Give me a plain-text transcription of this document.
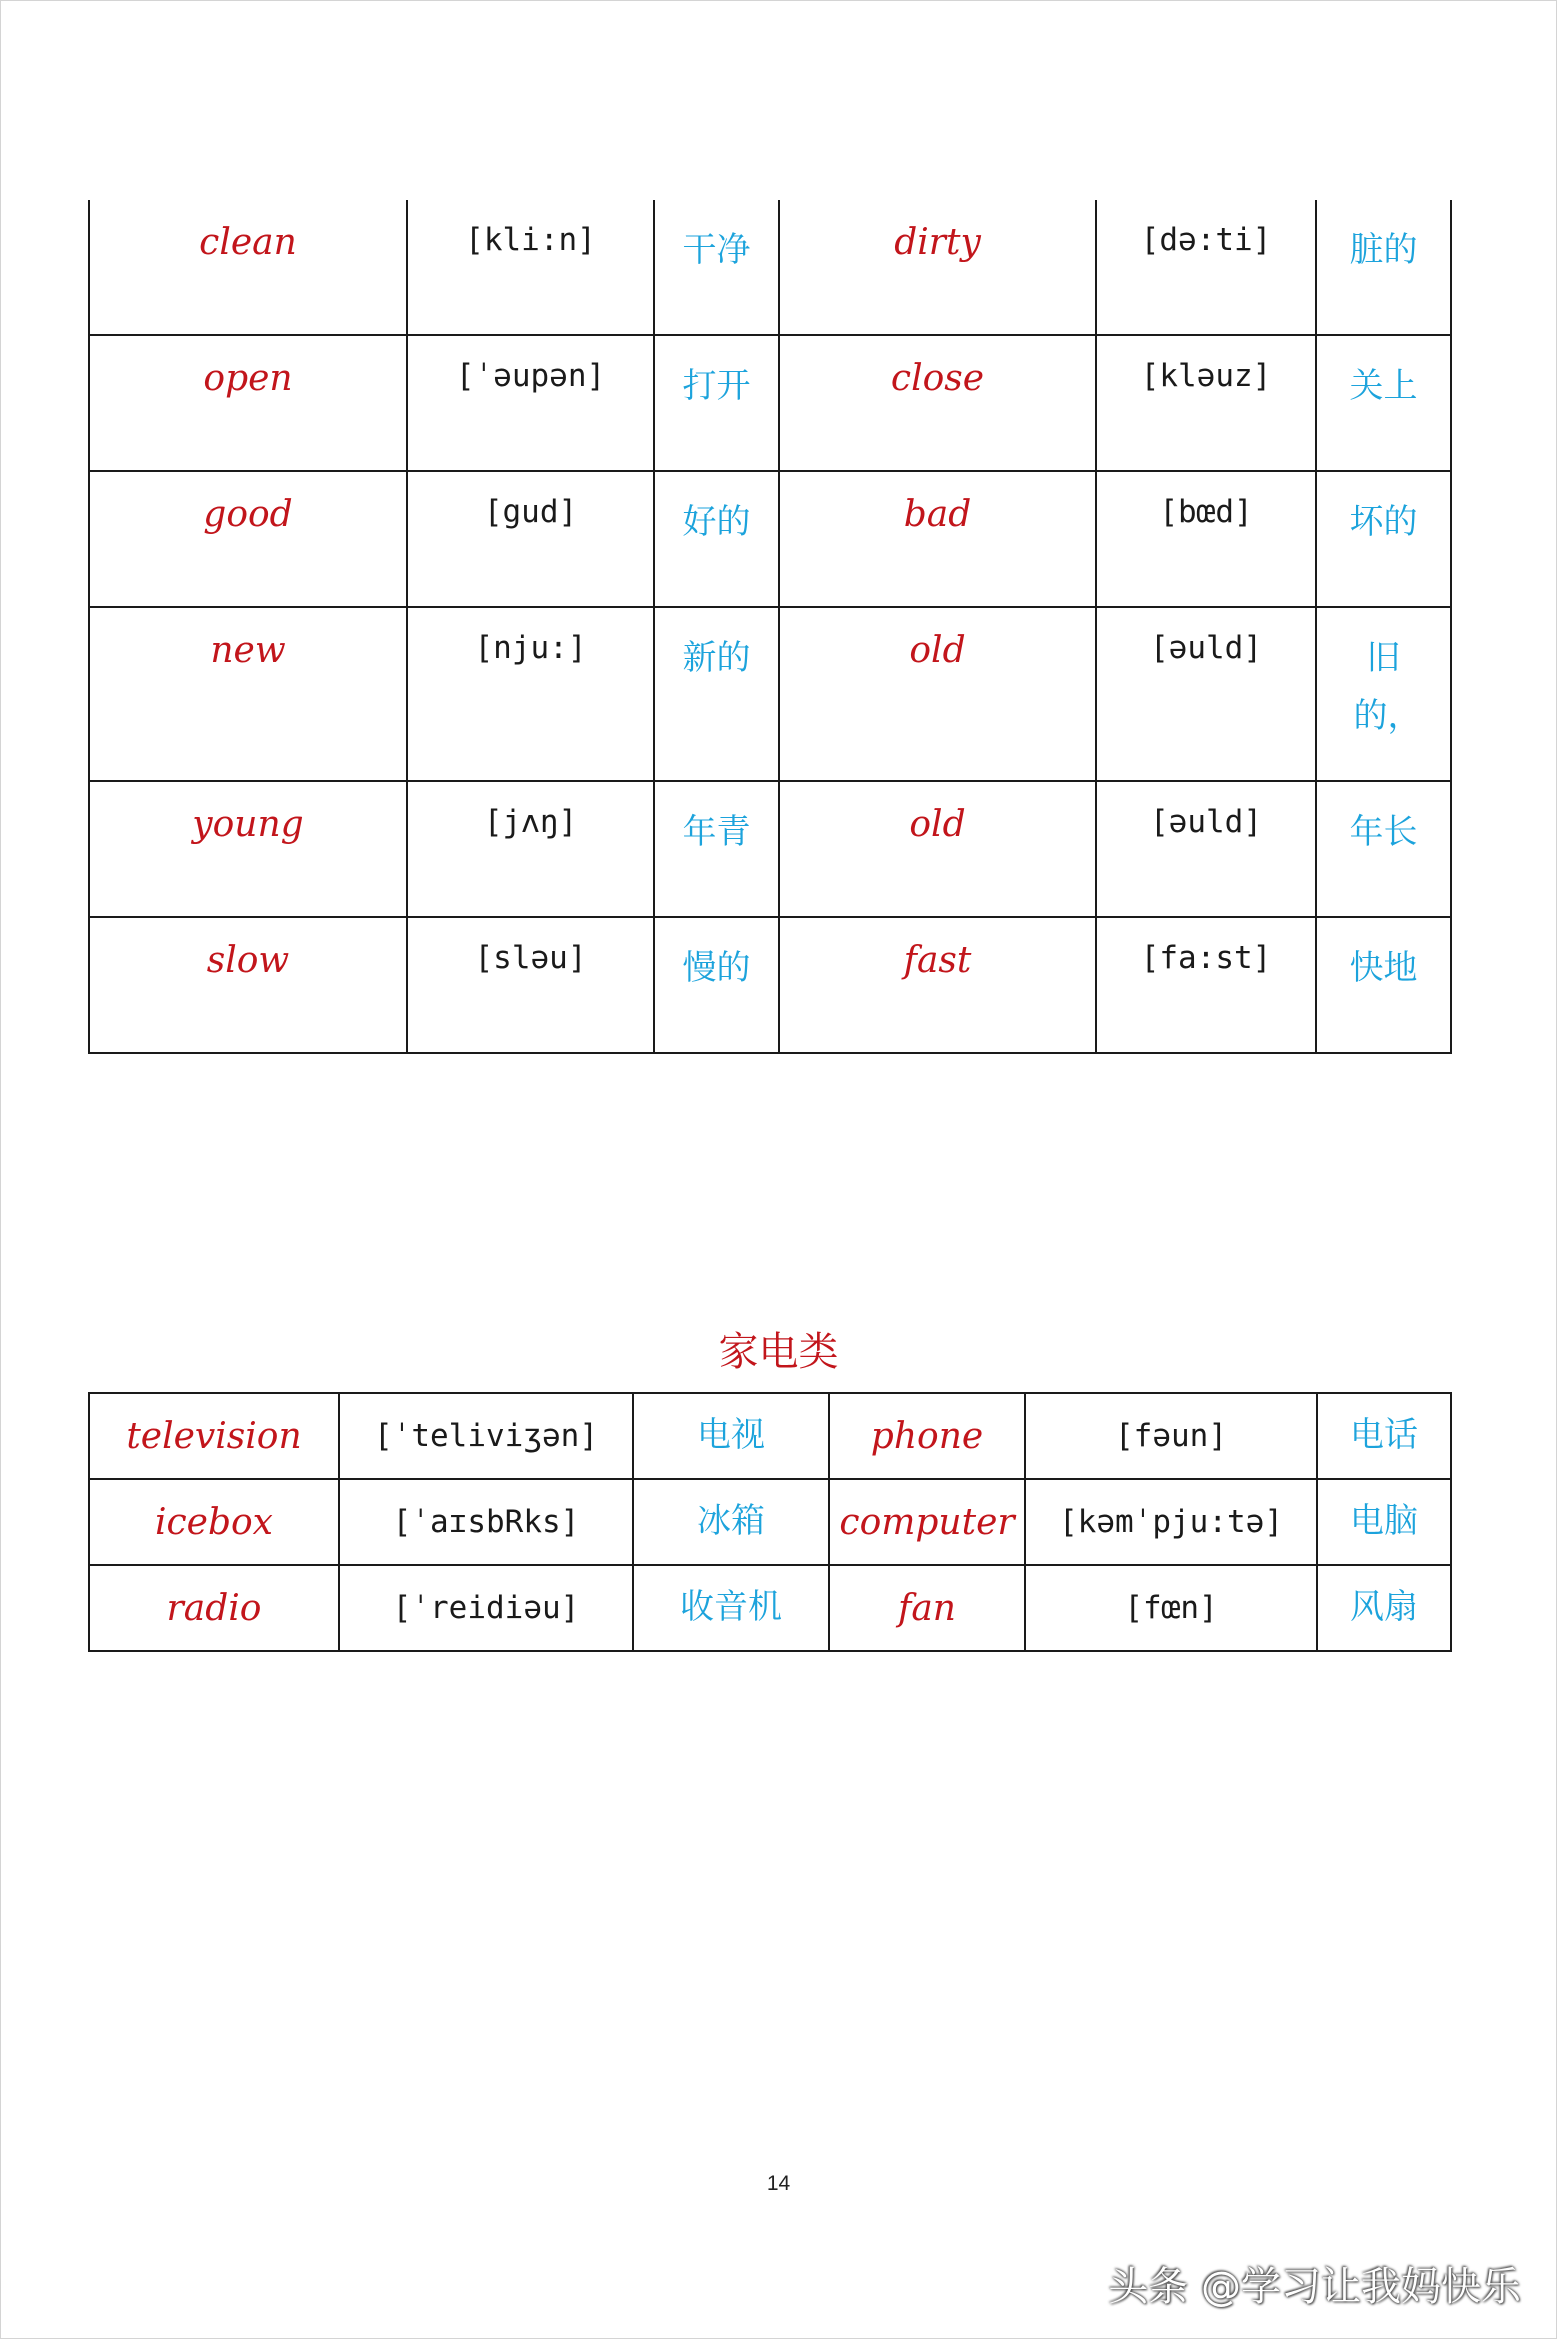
clean	[kli:n]	干净	dirty	[də:ti]	脏的
open	[ˈəupən]	打开	close	[kləuz]	关上
good	[gud]	好的	bad	[bœd]	坏的
new	[nju:]	新的	old	[əuld]	旧的，
young	[jʌŋ]	年青	old	[əuld]	年长
slow	[sləu]	慢的	fast	[fa:st]	快地
家电类
television	[ˈteliviʒən]	电视	phone	[fəun]	电话
icebox	[ˈaɪsbRks]	冰箱	computer	[kəmˈpju:tə]	电脑
radio	[ˈreidiəu]	收音机	fan	[fœn]	风扇
14
头条 @学习让我妈快乐
